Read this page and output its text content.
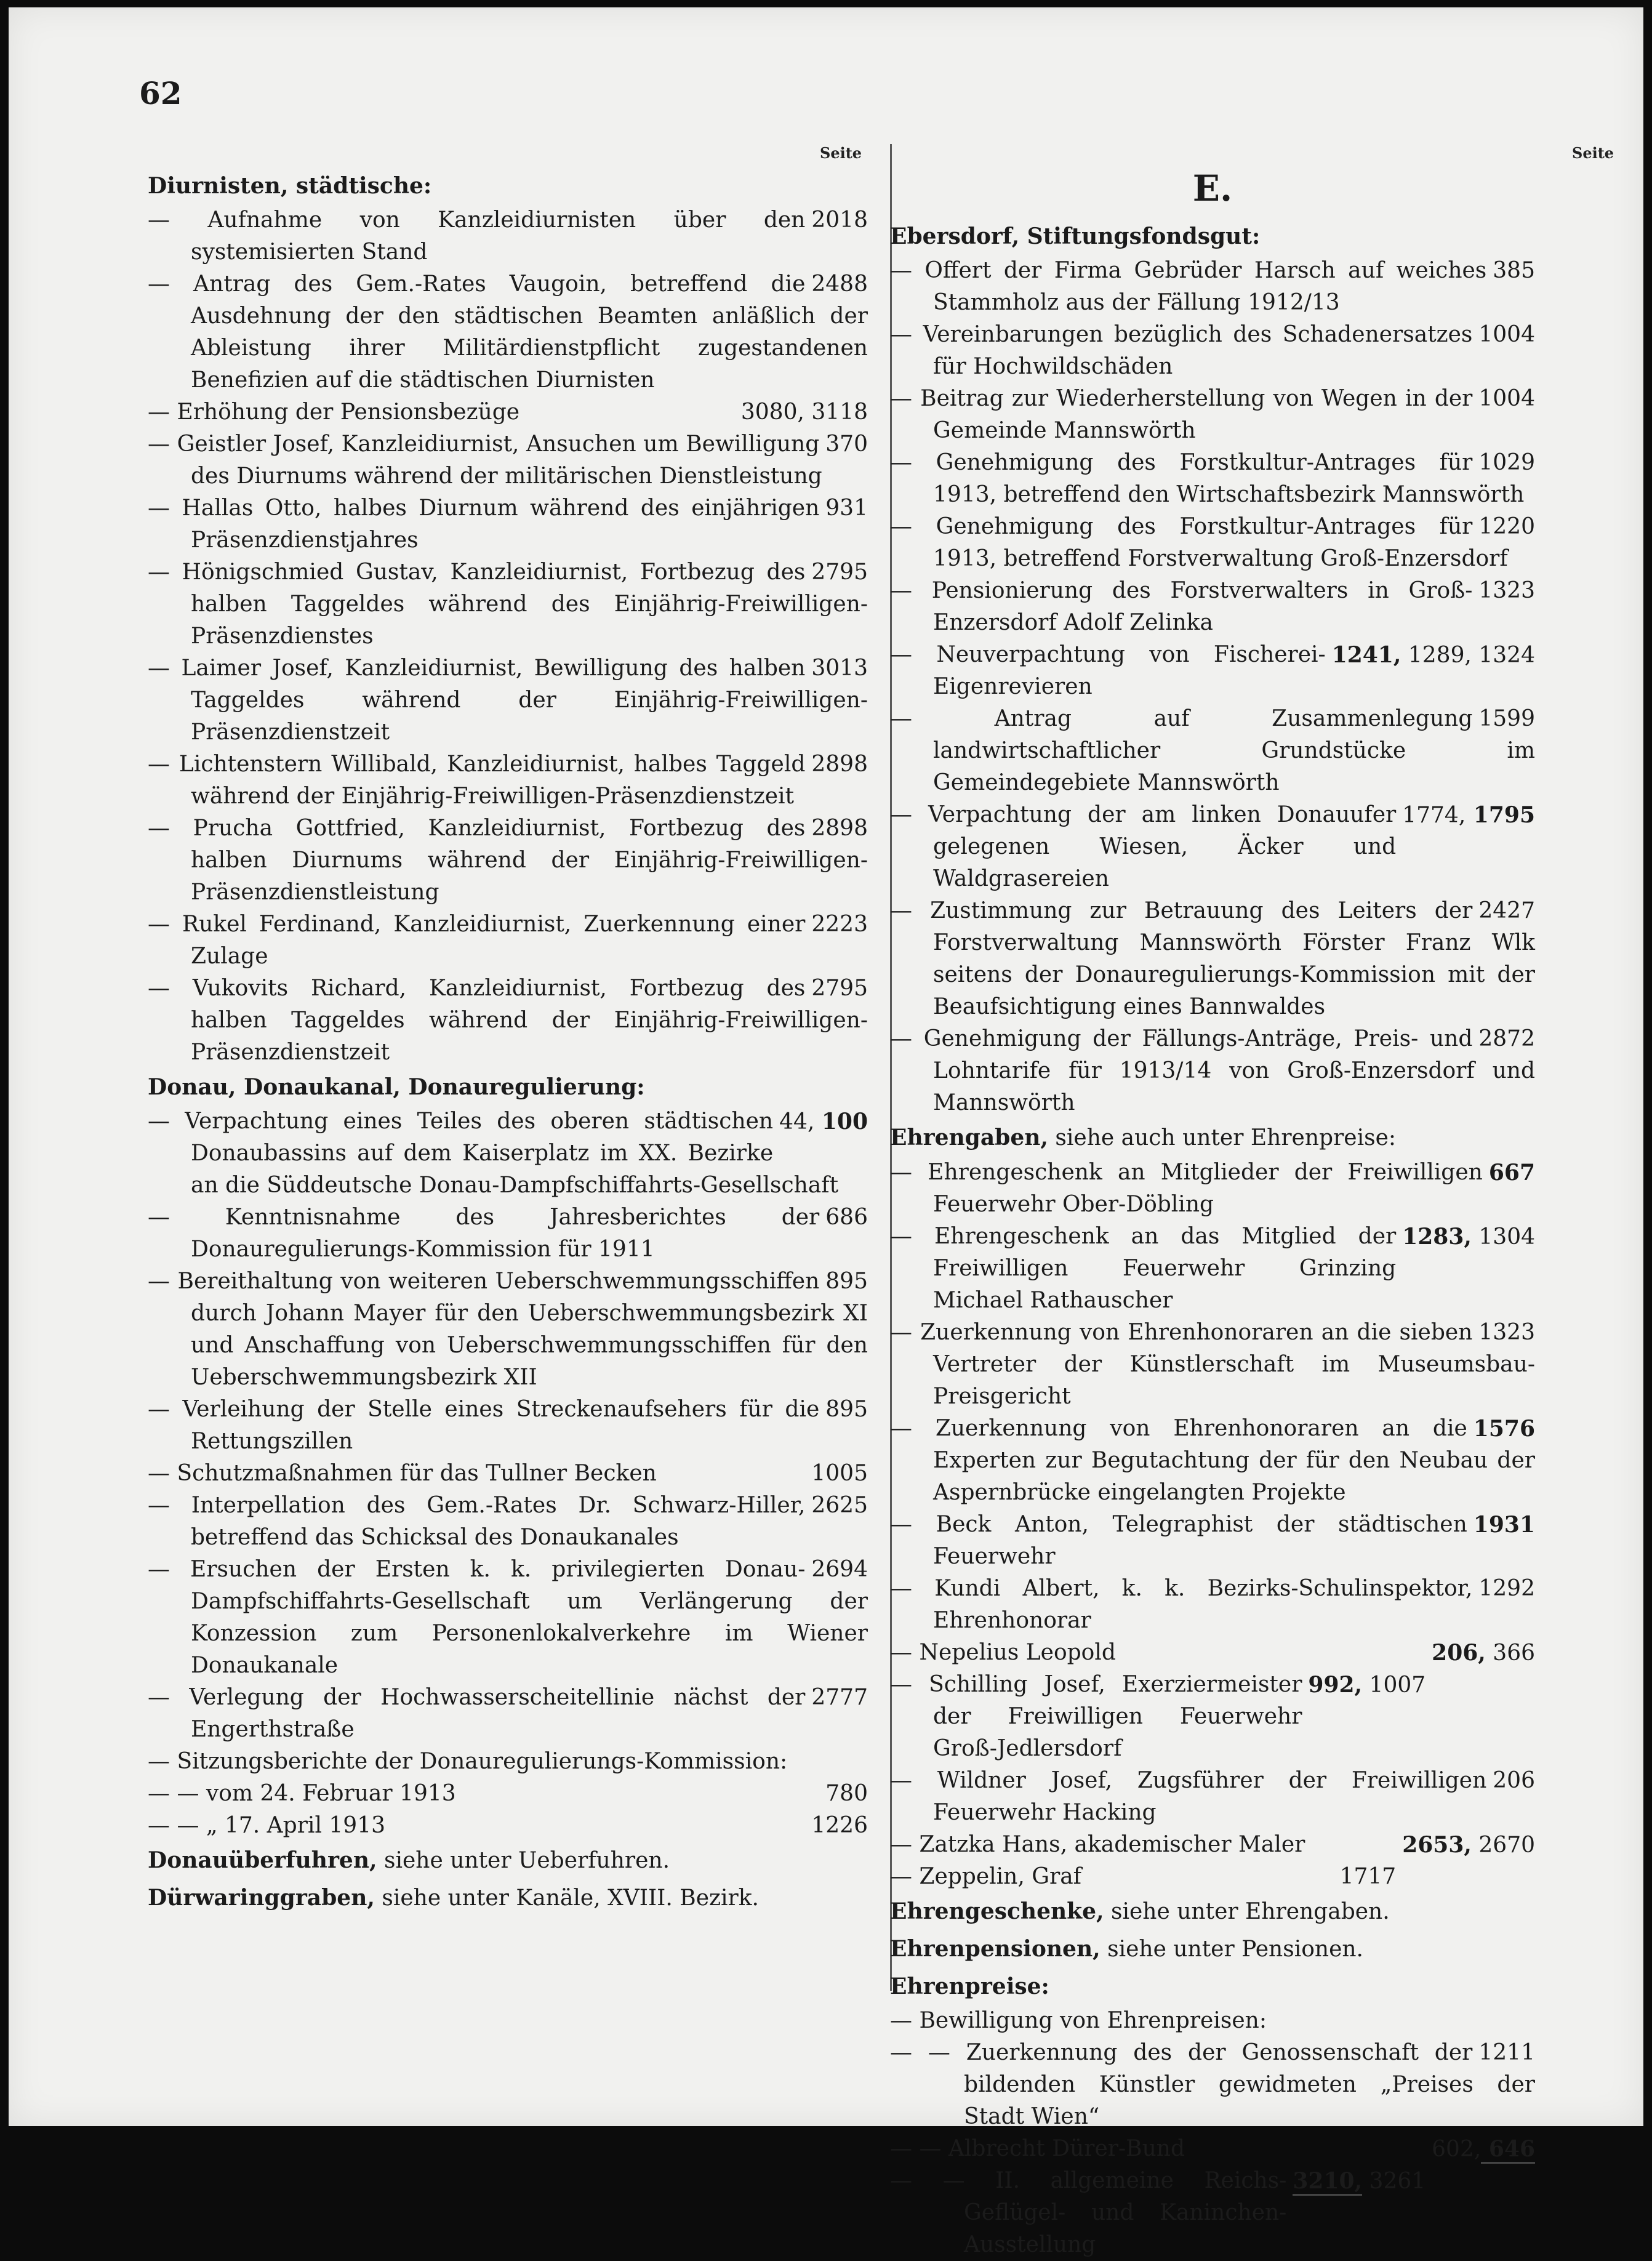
62
Seite	Seite
Diurnisten, städtische:
2018
— Aufnahme von Kanzleidiurnisten über den systemisierten Stand
2488
— Antrag des Gem.-Rates Vaugoin, betreffend die Ausdehnung der den städtischen Beamten anläßlich der Ableistung ihrer Militärdienstpflicht zugestandenen Benefizien auf die städtischen Diurnisten
3080, 3118
— Erhöhung der Pensionsbezüge
370
— Geistler Josef, Kanzleidiurnist, Ansuchen um Bewilligung des Diurnums während der militärischen Dienstleistung
931
— Hallas Otto, halbes Diurnum während des einjährigen Präsenzdienstjahres
2795
— Hönigschmied Gustav, Kanzleidiurnist, Fortbezug des halben Taggeldes während des Einjährig-Freiwilligen-Präsenzdienstes
3013
— Laimer Josef, Kanzleidiurnist, Bewilligung des halben Taggeldes während der Einjährig-Freiwilligen-Präsenzdienstzeit
2898
— Lichtenstern Willibald, Kanzleidiurnist, halbes Taggeld während der Einjährig-Freiwilligen-Präsenzdienstzeit
2898
— Prucha Gottfried, Kanzleidiurnist, Fortbezug des halben Diurnums während der Einjährig-Freiwilligen-Präsenzdienstleistung
2223
— Rukel Ferdinand, Kanzleidiurnist, Zuerkennung einer Zulage
2795
— Vukovits Richard, Kanzleidiurnist, Fortbezug des halben Taggeldes während der Einjährig-Freiwilligen-Präsenzdienstzeit
Donau, Donaukanal, Donauregulierung:
44, 100
— Verpachtung eines Teiles des oberen städtischen Donaubassins auf dem Kaiserplatz im XX. Bezirke an die Süddeutsche Donau-Dampfschiffahrts-Gesellschaft
686
— Kenntnisnahme des Jahresberichtes der Donauregulierungs-Kommission für 1911
895
— Bereithaltung von weiteren Ueberschwemmungsschiffen durch Johann Mayer für den Ueberschwemmungsbezirk XI und Anschaffung von Ueberschwemmungsschiffen für den Ueberschwemmungsbezirk XII
895
— Verleihung der Stelle eines Streckenaufsehers für die Rettungszillen
1005
— Schutzmaßnahmen für das Tullner Becken
2625
— Interpellation des Gem.-Rates Dr. Schwarz-Hiller, betreffend das Schicksal des Donaukanales
2694
— Ersuchen der Ersten k. k. privilegierten Donau-Dampfschiffahrts-Gesellschaft um Verlängerung der Konzession zum Personenlokalverkehre im Wiener Donaukanale
2777
— Verlegung der Hochwasserscheitellinie nächst der Engerthstraße
— Sitzungsberichte der Donauregulierungs-Kommission:
780
— — vom 24. Februar 1913
1226
— — „ 17. April 1913
Donauüberfuhren, siehe unter Ueberfuhren.
Dürwaringgraben, siehe unter Kanäle, XVIII. Bezirk.
E.
Ebersdorf, Stiftungsfondsgut:
385
— Offert der Firma Gebrüder Harsch auf weiches Stammholz aus der Fällung 1912/13
1004
— Vereinbarungen bezüglich des Schadenersatzes für Hochwildschäden
1004
— Beitrag zur Wiederherstellung von Wegen in der Gemeinde Mannswörth
1029
— Genehmigung des Forstkultur-Antrages für 1913, betreffend den Wirtschaftsbezirk Mannswörth
1220
— Genehmigung des Forstkultur-Antrages für 1913, betreffend Forstverwaltung Groß-Enzersdorf
1323
— Pensionierung des Forstverwalters in Groß-Enzersdorf Adolf Zelinka
1241, 1289, 1324
— Neuverpachtung von Fischerei-Eigenrevieren
1599
— Antrag auf Zusammenlegung landwirtschaftlicher Grundstücke im Gemeindegebiete Mannswörth
1774, 1795
— Verpachtung der am linken Donauufer gelegenen Wiesen, Äcker und Waldgrasereien
2427
— Zustimmung zur Betrauung des Leiters der Forstverwaltung Mannswörth Förster Franz Wlk seitens der Donauregulierungs-Kommission mit der Beaufsichtigung eines Bannwaldes
2872
— Genehmigung der Fällungs-Anträge, Preis- und Lohntarife für 1913/14 von Groß-Enzersdorf und Mannswörth
Ehrengaben, siehe auch unter Ehrenpreise:
667
— Ehrengeschenk an Mitglieder der Freiwilligen Feuerwehr Ober-Döbling
1283, 1304
— Ehrengeschenk an das Mitglied der Freiwilligen Feuerwehr Grinzing Michael Rathauscher
1323
— Zuerkennung von Ehrenhonoraren an die sieben Vertreter der Künstlerschaft im Museumsbau-Preisgericht
1576
— Zuerkennung von Ehrenhonoraren an die Experten zur Begutachtung der für den Neubau der Aspernbrücke eingelangten Projekte
1931
— Beck Anton, Telegraphist der städtischen Feuerwehr
1292
— Kundi Albert, k. k. Bezirks-Schulinspektor, Ehrenhonorar
206, 366
— Nepelius Leopold
992, 1007
— Schilling Josef, Exerziermeister der Freiwilligen Feuerwehr Groß-Jedlersdorf
206
— Wildner Josef, Zugsführer der Freiwilligen Feuerwehr Hacking
2653, 2670
— Zatzka Hans, akademischer Maler
1717
— Zeppelin, Graf
Ehrengeschenke, siehe unter Ehrengaben.
Ehrenpensionen, siehe unter Pensionen.
Ehrenpreise:
— Bewilligung von Ehrenpreisen:
1211
— — Zuerkennung des der Genossenschaft der bildenden Künstler gewidmeten „Preises der Stadt Wien“
602, 646
— — Albrecht Dürer-Bund
3210, 3261
— — II. allgemeine Reichs-Geflügel- und Kaninchen-Ausstellung
